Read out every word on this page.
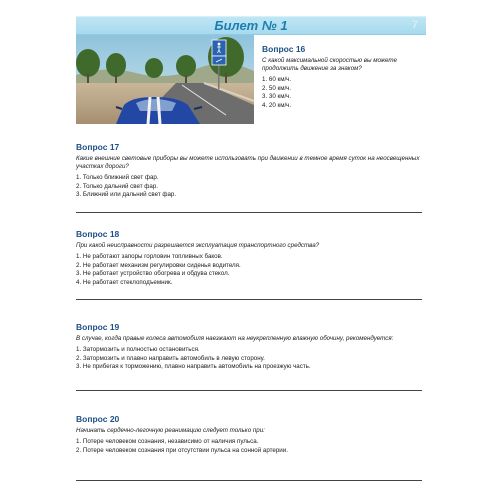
Билет № 1	7
Вопрос 16
С какой максимальной скоростью вы можете продолжить движение за знаком?
1. 60 км/ч.
2. 50 км/ч.
3. 30 км/ч.
4. 20 км/ч.
Вопрос 17
Какие внешние световые приборы вы можете использовать при движении в темное время суток на неосвещенных участках дороги?
1. Только ближний свет фар.
2. Только дальний свет фар.
3. Ближний или дальний свет фар.
Вопрос 18
При какой неисправности разрешается эксплуатация транспортного средства?
1. Не работают запоры горловин топливных баков.
2. Не работает механизм регулировки сиденья водителя.
3. Не работает устройство обогрева и обдува стекол.
4. Не работает стеклоподъемник.
Вопрос 19
В случае, когда правые колеса автомобиля наезжают на неукрепленную влажную обочину, рекомендуется:
1. Затормозить и полностью остановиться.
2. Затормозить и плавно направить автомобиль в левую сторону.
3. Не прибегая к торможению, плавно направить автомобиль на проезжую часть.
Вопрос 20
Начинать сердечно-легочную реанимацию следует только при:
1. Потере человеком сознания, независимо от наличия пульса.
2. Потере человеком сознания при отсутствии пульса на сонной артерии.
